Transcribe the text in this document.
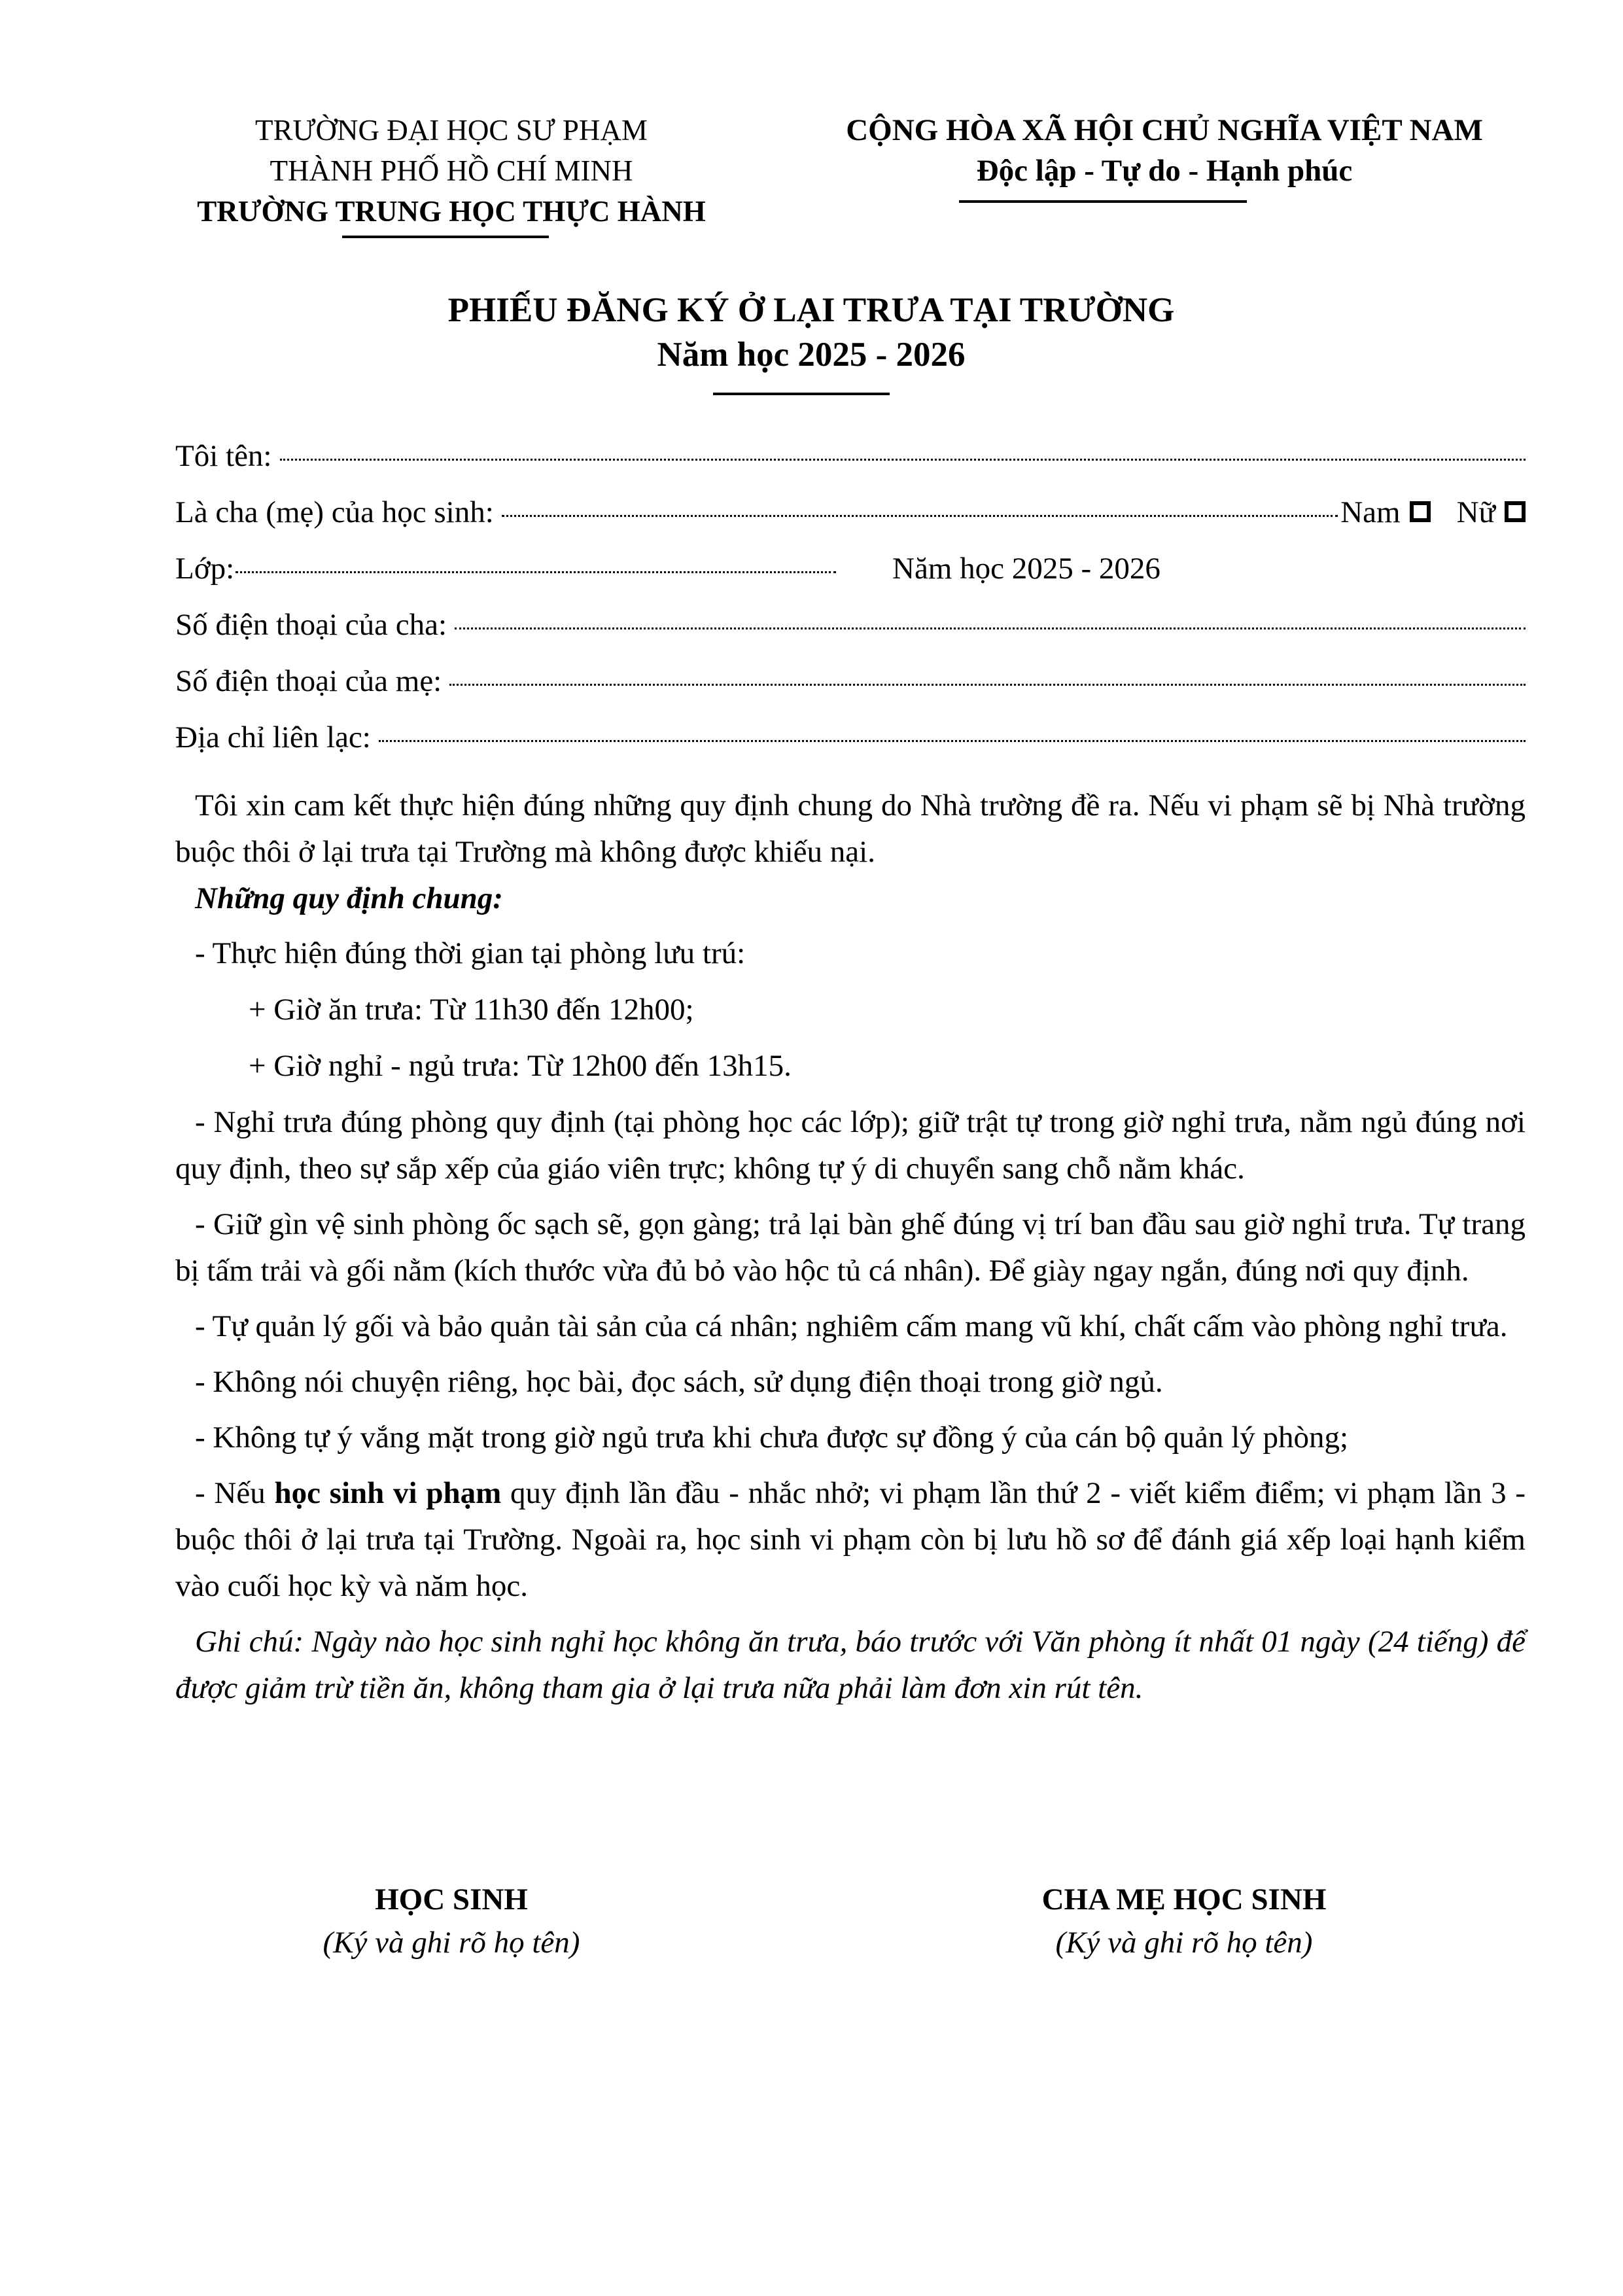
TRƯỜNG ĐẠI HỌC SƯ PHẠM
THÀNH PHỐ HỒ CHÍ MINH
TRƯỜNG TRUNG HỌC THỰC HÀNH
CỘNG HÒA XÃ HỘI CHỦ NGHĨA VIỆT NAM
Độc lập - Tự do - Hạnh phúc
PHIẾU ĐĂNG KÝ Ở LẠI TRƯA TẠI TRƯỜNG
Năm học 2025 - 2026
Tôi tên:
Là cha (mẹ) của học sinh:	Nam Nữ
Lớp:	Năm học 2025 - 2026
Số điện thoại của cha:
Số điện thoại của mẹ:
Địa chỉ liên lạc:

Tôi xin cam kết thực hiện đúng những quy định chung do Nhà trường đề ra. Nếu vi phạm sẽ bị Nhà trường buộc thôi ở lại trưa tại Trường mà không được khiếu nại.

Những quy định chung:

- Thực hiện đúng thời gian tại phòng lưu trú:

+ Giờ ăn trưa: Từ 11h30 đến 12h00;

+ Giờ nghỉ - ngủ trưa: Từ 12h00 đến 13h15.

- Nghỉ trưa đúng phòng quy định (tại phòng học các lớp); giữ trật tự trong giờ nghỉ trưa, nằm ngủ đúng nơi quy định, theo sự sắp xếp của giáo viên trực; không tự ý di chuyển sang chỗ nằm khác.

- Giữ gìn vệ sinh phòng ốc sạch sẽ, gọn gàng; trả lại bàn ghế đúng vị trí ban đầu sau giờ nghỉ trưa. Tự trang bị tấm trải và gối nằm (kích thước vừa đủ bỏ vào hộc tủ cá nhân). Để giày ngay ngắn, đúng nơi quy định.

- Tự quản lý gối và bảo quản tài sản của cá nhân; nghiêm cấm mang vũ khí, chất cấm vào phòng nghỉ trưa.

- Không nói chuyện riêng, học bài, đọc sách, sử dụng điện thoại trong giờ ngủ.

- Không tự ý vắng mặt trong giờ ngủ trưa khi chưa được sự đồng ý của cán bộ quản lý phòng;

- Nếu học sinh vi phạm quy định lần đầu - nhắc nhở; vi phạm lần thứ 2 - viết kiểm điểm; vi phạm lần 3 - buộc thôi ở lại trưa tại Trường. Ngoài ra, học sinh vi phạm còn bị lưu hồ sơ để đánh giá xếp loại hạnh kiểm vào cuối học kỳ và năm học.

Ghi chú: Ngày nào học sinh nghỉ học không ăn trưa, báo trước với Văn phòng ít nhất 01 ngày (24 tiếng) để được giảm trừ tiền ăn, không tham gia ở lại trưa nữa phải làm đơn xin rút tên.

HỌC SINH
(Ký và ghi rõ họ tên)
CHA MẸ HỌC SINH
(Ký và ghi rõ họ tên)
